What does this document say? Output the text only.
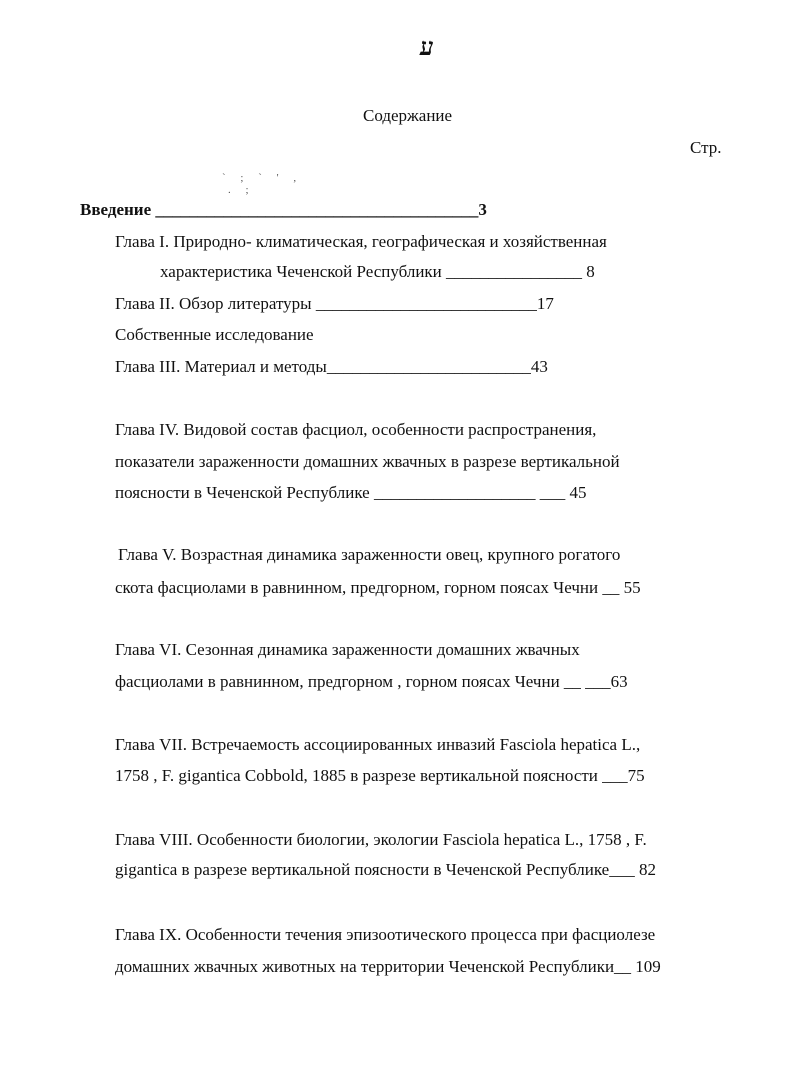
ע
Содержание
Стр.
` ; ` ' ,
. ;
Введение ______________________________________3
Глава I. Природно- климатическая, географическая и хозяйственная
характеристика Чеченской Республики ________________ 8
Глава II. Обзор литературы __________________________17
Собственные исследование
Глава III. Материал и методы________________________43
Глава IV. Видовой состав фасциол, особенности распространения,
показатели зараженности домашних жвачных в разрезе вертикальной
поясности в Чеченской Республике ___________________ ___ 45
Глава V. Возрастная динамика зараженности овец, крупного рогатого
скота фасциолами в равнинном, предгорном, горном поясах Чечни __ 55
Глава VI. Сезонная динамика зараженности домашних жвачных
фасциолами в равнинном, предгорном , горном поясах Чечни __ ___63
Глава VII. Встречаемость ассоциированных инвазий Fasciola hepatica L.,
1758 , F. gigantica Cobbold, 1885 в разрезе вертикальной поясности ___75
Глава VIII. Особенности биологии, экологии Fasciola hepatica L., 1758 , F.
gigantica в разрезе вертикальной поясности в Чеченской Республике___ 82
Глава IX. Особенности течения эпизоотического процесса при фасциолезе
домашних жвачных животных на территории Чеченской Республики__ 109
